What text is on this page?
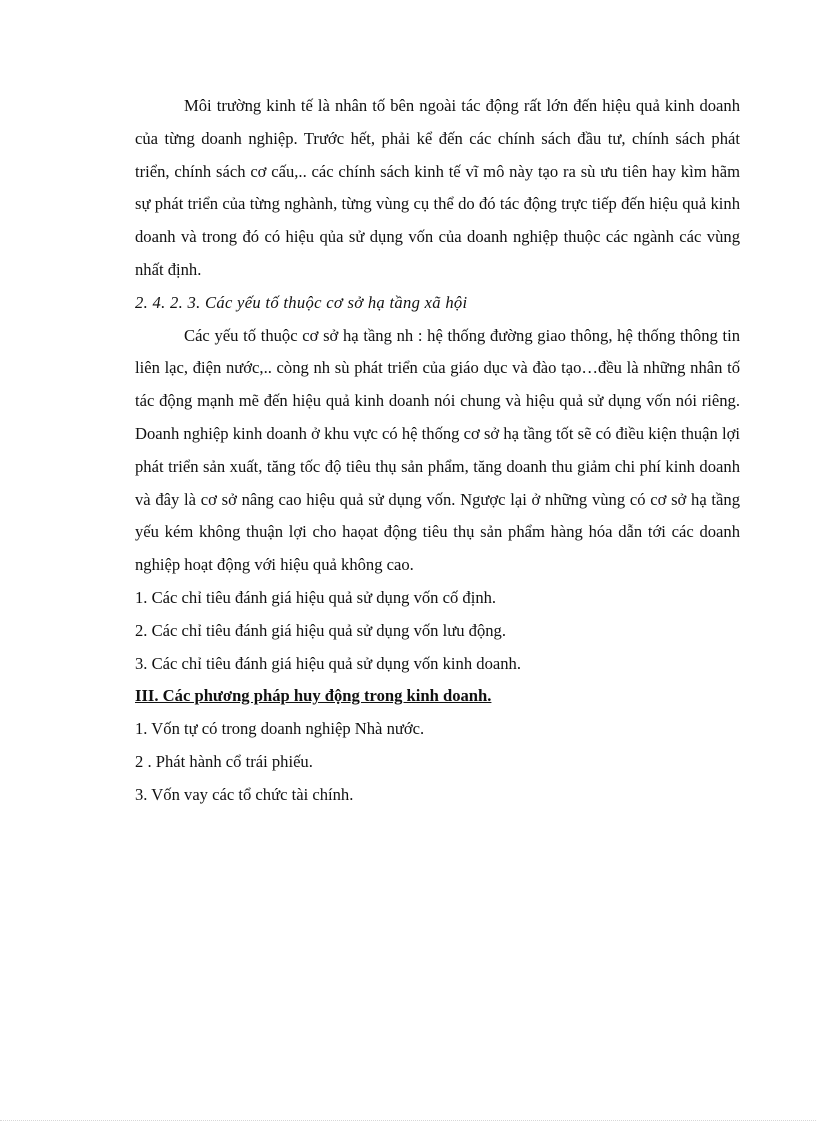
Môi trường kinh tế là nhân tố bên ngoài tác động rất lớn đến hiệu quả kinh doanh của từng doanh nghiệp. Trước hết, phải kể đến các chính sách đầu tư, chính sách phát triển, chính sách cơ cấu,.. các chính sách kinh tế vĩ mô này tạo ra sù ưu tiên hay kìm hãm sự phát triển của từng nghành, từng vùng cụ thể do đó tác động trực tiếp đến hiệu quả kinh doanh và trong đó có hiệu qủa sử dụng vốn của doanh nghiệp thuộc các ngành các vùng nhất định.

2. 4. 2. 3. Các yếu tố thuộc cơ sở hạ tầng xã hội

Các yếu tố thuộc cơ sở hạ tầng nh : hệ thống đường giao thông, hệ thống thông tin liên lạc, điện nước,.. còng nh sù phát triển của giáo dục và đào tạo…đều là những nhân tố tác động mạnh mẽ đến hiệu quả kinh doanh nói chung và hiệu quả sử dụng vốn nói riêng. Doanh nghiệp kinh doanh ở khu vực có hệ thống cơ sở hạ tầng tốt sẽ có điều kiện thuận lợi phát triển sản xuất, tăng tốc độ tiêu thụ sản phẩm, tăng doanh thu giảm chi phí kinh doanh và đây là cơ sở nâng cao hiệu quả sử dụng vốn. Ngược lại ở những vùng có cơ sở hạ tầng yếu kém không thuận lợi cho haọat động tiêu thụ sản phẩm hàng hóa dẫn tới các doanh nghiệp hoạt động với hiệu quả không cao.

1. Các chỉ tiêu đánh giá hiệu quả sử dụng vốn cố định.

2. Các chỉ tiêu đánh giá hiệu quả sử dụng vốn lưu động.

3. Các chỉ tiêu đánh giá hiệu quả sử dụng vốn kinh doanh.

III. Các phương pháp huy động trong kinh doanh.

1. Vốn tự có trong doanh nghiệp Nhà nước.

2 . Phát hành cổ trái phiếu.

3. Vốn vay các tổ chức tài chính.
